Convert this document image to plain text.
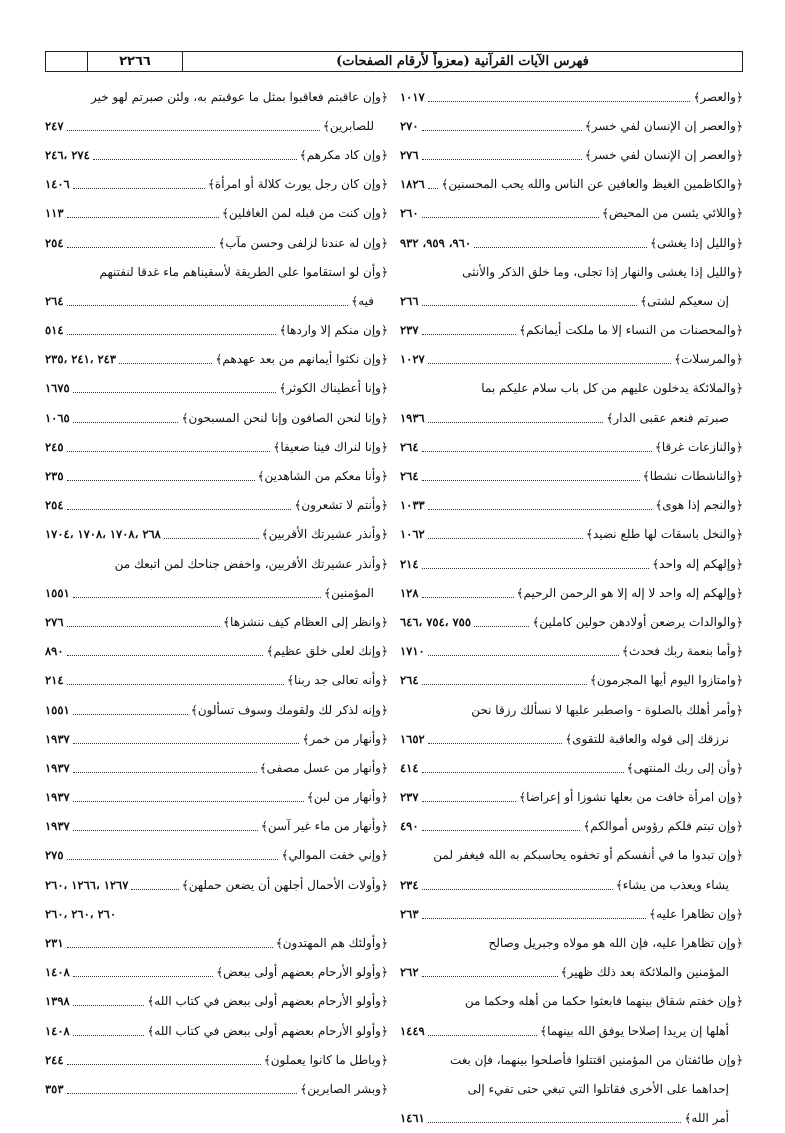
فهرس الآيات القرآنية (معزواً لأرقام الصفحات)
٢٢٦٦
﴿والعصر﴾
١٠١٧
﴿والعصر إن الإنسان لفي خسر﴾
٢٧٠
﴿والعصر إن الإنسان لفي خسر﴾
٢٧٦
﴿والكاظمين الغيظ والعافين عن الناس والله يحب المحسنين﴾
١٨٢٦
﴿واللائي يئسن من المحيض﴾
٢٦٠
﴿والليل إذا يغشى﴾
٩٦٠، ٩٥٩، ٩٣٢
﴿والليل إذا يغشى والنهار إذا تجلى، وما خلق الذكر والأنثى
إن سعيكم لشتى﴾
٢٦٦
﴿والمحصنات من النساء إلا ما ملكت أيمانكم﴾
٢٣٧
﴿والمرسلات﴾
١٠٢٧
﴿والملائكة يدخلون عليهم من كل باب سلام عليكم بما
صبرتم فنعم عقبى الدار﴾
١٩٣٦
﴿والنازعات غرقا﴾
٢٦٤
﴿والناشطات نشطا﴾
٢٦٤
﴿والنجم إذا هوى﴾
١٠٣٣
﴿والنخل باسقات لها طلع نضيد﴾
١٠٦٢
﴿وإلهكم إله واحد﴾
٢١٤
﴿وإلهكم إله واحد لا إله إلا هو الرحمن الرحيم﴾
١٢٨
﴿والوالدات يرضعن أولادهن حولين كاملين﴾
٧٥٥ ،٧٥٤ ،٦٤٦
﴿وأما بنعمة ربك فحدث﴾
١٧١٠
﴿وامتازوا اليوم أيها المجرمون﴾
٢٦٤
﴿وأمر أهلك بالصلوة - واصطبر عليها لا نسألك رزقا نحن
نرزقك إلى قوله والعاقبة للتقوى﴾
١٦٥٢
﴿وأن إلى ربك المنتهى﴾
٤١٤
﴿وإن امرأة خافت من بعلها نشوزا أو إعراضا﴾
٢٣٧
﴿وإن تبتم فلكم رؤوس أموالكم﴾
٤٩٠
﴿وإن تبدوا ما في أنفسكم أو تخفوه يحاسبكم به الله فيغفر لمن
يشاء ويعذب من يشاء﴾
٢٣٤
﴿وإن تظاهرا عليه﴾
٢٦٣
﴿وإن تظاهرا عليه، فإن الله هو مولاه وجبريل وصالح
المؤمنين والملائكة بعد ذلك ظهير﴾
٢٦٢
﴿وإن خفتم شقاق بينهما فابعثوا حكما من أهله وحكما من
أهلها إن يريدا إصلاحا يوفق الله بينهما﴾
١٤٤٩
﴿وإن طائفتان من المؤمنين اقتتلوا فأصلحوا بينهما، فإن بغت
إحداهما على الأخرى فقاتلوا التي تبغي حتى تفيء إلى
أمر الله﴾
١٤٦١
﴿وإن عاقبتم فعاقبوا بمثل ما عوقبتم به، ولئن صبرتم لهو خير
للصابرين﴾
٢٤٧
﴿وإن كاد مكرهم﴾
٢٧٤ ،٢٤٦
﴿وإن كان رجل يورث كلالة أو امرأة﴾
١٤٠٦
﴿وإن كنت من قبله لمن الغافلين﴾
١١٣
﴿وإن له عندنا لزلفى وحسن مآب﴾
٢٥٤
﴿وأن لو استقاموا على الطريقة لأسقيناهم ماء غدقا لنفتنهم
فيه﴾
٢٦٤
﴿وإن منكم إلا واردها﴾
٥١٤
﴿وإن نكثوا أيمانهم من بعد عهدهم﴾
٢٤٣ ،٢٤١ ،٢٣٥
﴿وإنا أعطيناك الكوثر﴾
١٦٧٥
﴿وإنا لنحن الصافون وإنا لنحن المسبحون﴾
١٠٦٥
﴿وإنا لنراك فينا ضعيفا﴾
٢٤٥
﴿وأنا معكم من الشاهدين﴾
٢٣٥
﴿وأنتم لا تشعرون﴾
٢٥٤
﴿وأنذر عشيرتك الأقربين﴾
٢٦٨ ،١٧٠٨ ،١٧٠٨ ،١٧٠٤
﴿وأنذر عشيرتك الأقربين، واخفض جناحك لمن اتبعك من
المؤمنين﴾
١٥٥١
﴿وانظر إلى العظام كيف ننشزها﴾
٢٧٦
﴿وإنك لعلى خلق عظيم﴾
٨٩٠
﴿وأنه تعالى جد ربنا﴾
٢١٤
﴿وإنه لذكر لك ولقومك وسوف تسألون﴾
١٥٥١
﴿وأنهار من خمر﴾
١٩٣٧
﴿وأنهار من عسل مصفى﴾
١٩٣٧
﴿وأنهار من لبن﴾
١٩٣٧
﴿وأنهار من ماء غير آسن﴾
١٩٣٧
﴿وإني خفت الموالي﴾
٢٧٥
﴿وأولات الأحمال أجلهن أن يضعن حملهن﴾
١٢٦٧ ،١٢٦٦ ،٢٦٠
٢٦٠ ،٢٦٠ ،٢٦٠
﴿وأولئك هم المهتدون﴾
٢٣١
﴿وأولو الأرحام بعضهم أولى ببعض﴾
١٤٠٨
﴿وأولو الأرحام بعضهم أولى ببعض في كتاب الله﴾
١٣٩٨
﴿وأولو الأرحام بعضهم أولى ببعض في كتاب الله﴾
١٤٠٨
﴿وباطل ما كانوا يعملون﴾
٢٤٤
﴿وبشر الصابرين﴾
٣٥٣
